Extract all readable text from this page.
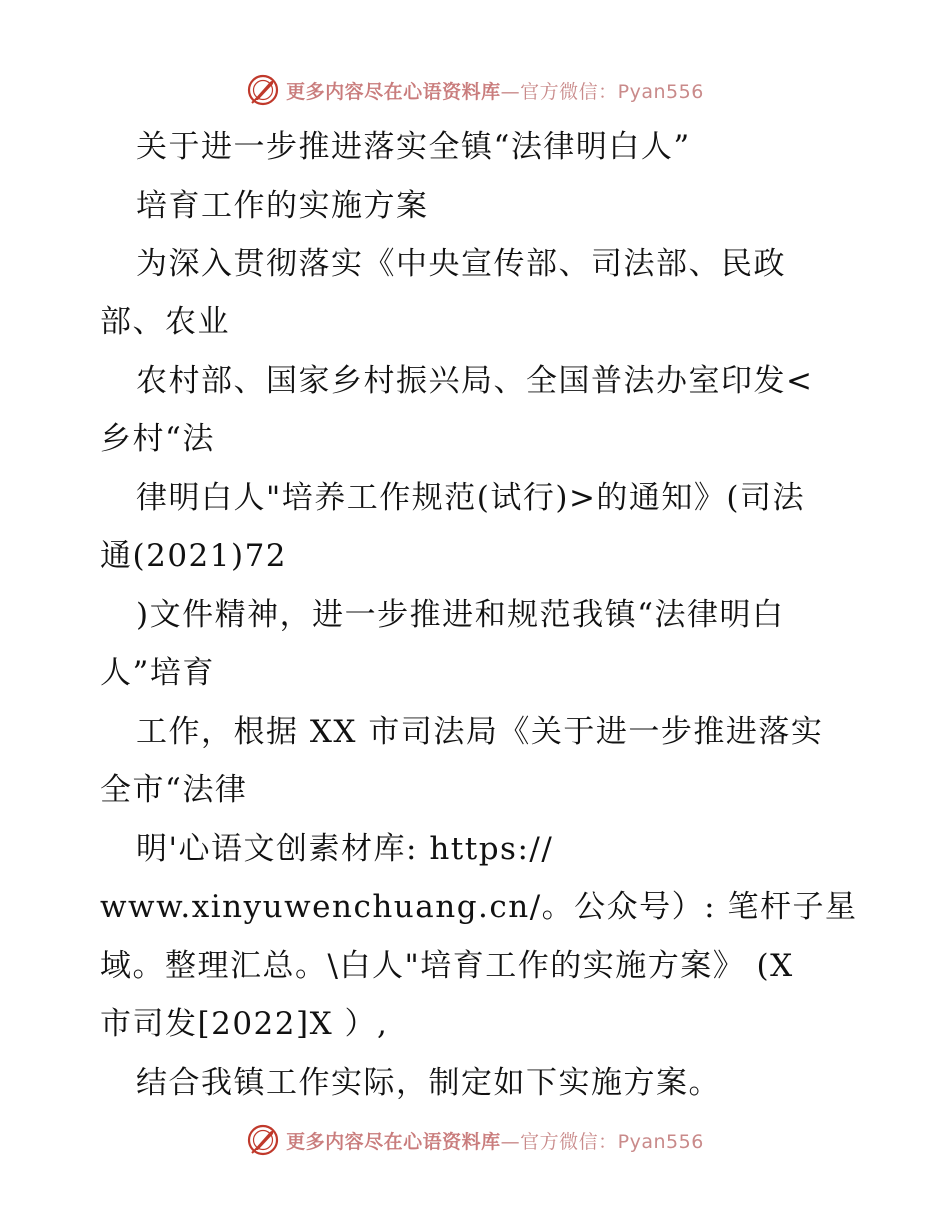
更多内容尽在心语资料库—官方微信：Pyan556
关于进一步推进落实全镇“法律明白人”
培育工作的实施方案
为深入贯彻落实《中央宣传部、司法部、民政
部、农业
农村部、国家乡村振兴局、全国普法办室印发<
乡村“法
律明白人"培养工作规范(试行)>的通知》(司法
通(2021)72
)文件精神，进一步推进和规范我镇“法律明白
人”培育
工作，根据 XX 市司法局《关于进一步推进落实
全市“法律
明'心语文创素材库: https://
www.xinyuwenchuang.cn/。公众号）: 笔杆子星
域。整理汇总。\白人"培育工作的实施方案》 (X
市司发[2022]X ）,
结合我镇工作实际，制定如下实施方案。
更多内容尽在心语资料库—官方微信：Pyan556
